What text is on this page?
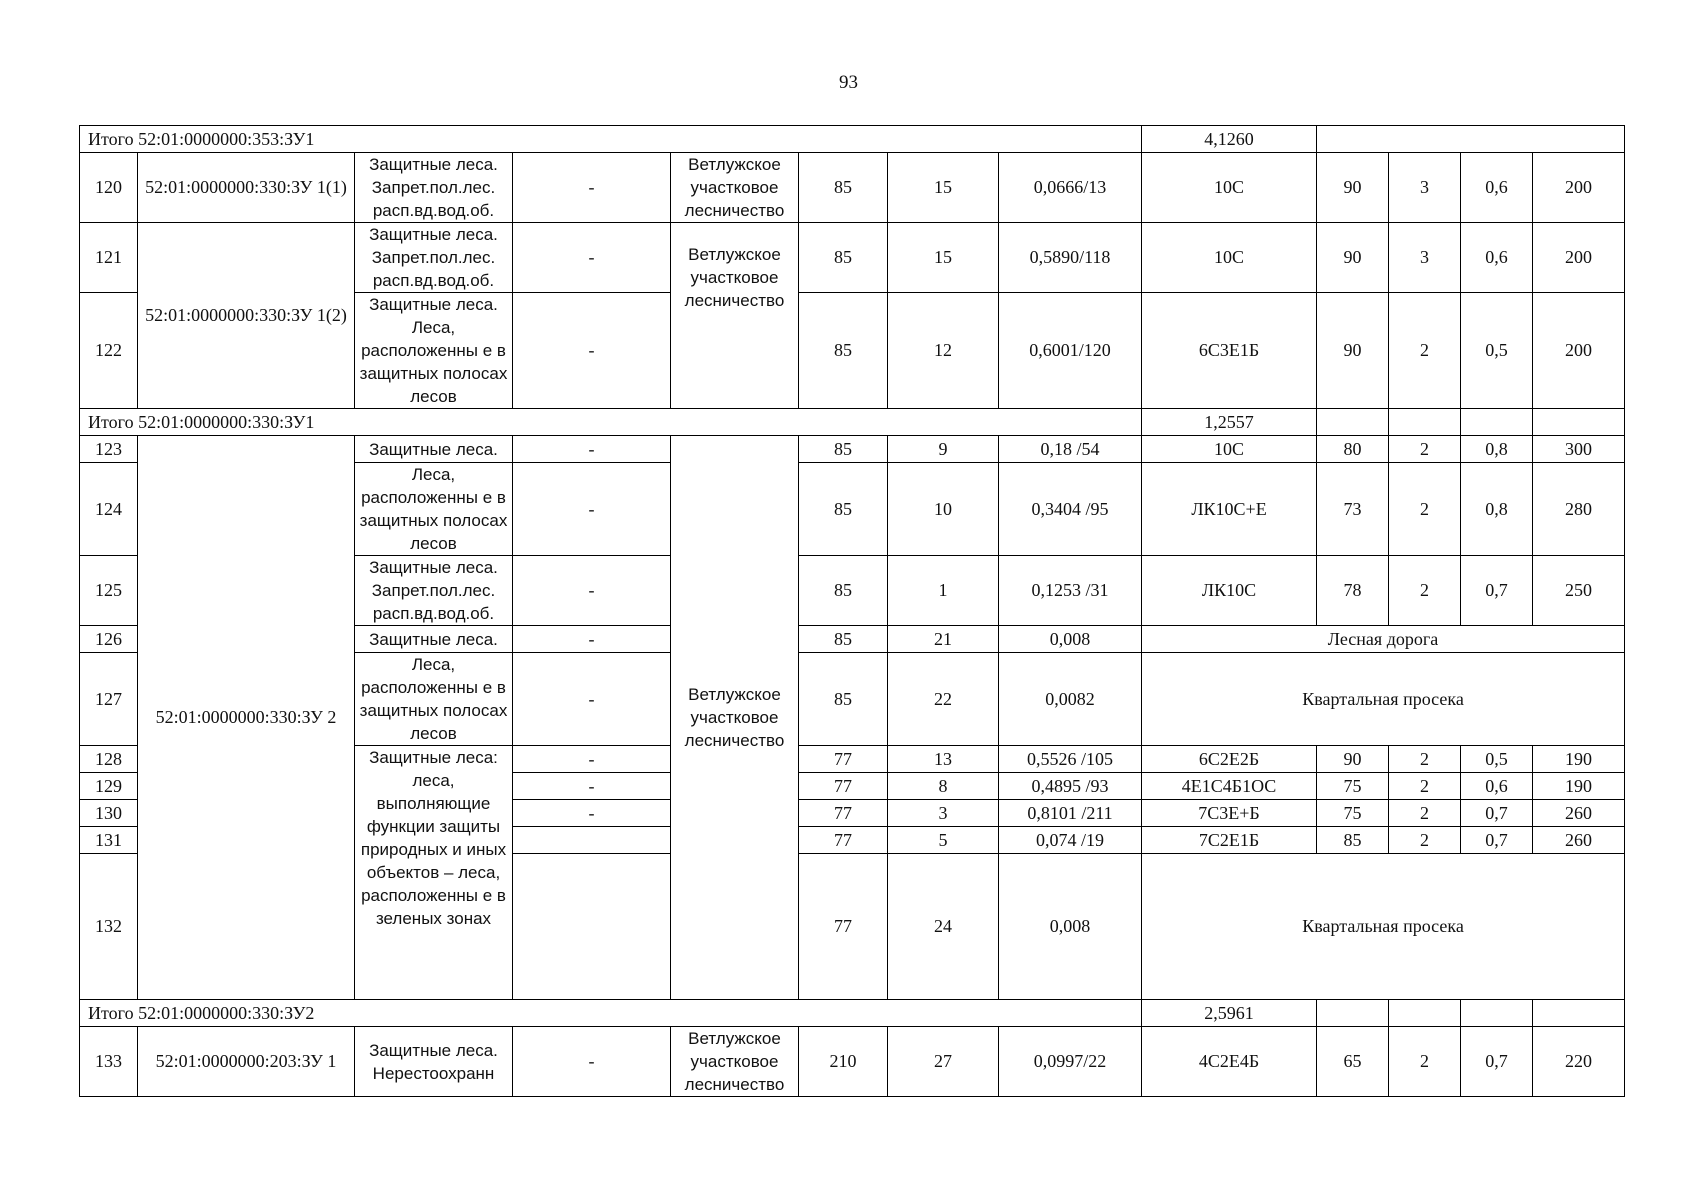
93
Итого 52:01:0000000:353:ЗУ1								4,1260				
120	52:01:0000000:330:ЗУ 1(1)	Защитные леса. Запрет.пол.лес. расп.вд.вод.об.	-	Ветлужское участковое лесничество	85	15	0,0666/13	10С	90	3	0,6	200
121	52:01:0000000:330:ЗУ 1(2)	Защитные леса. Запрет.пол.лес. расп.вд.вод.об.	-	Ветлужское участковое лесничество	85	15	0,5890/118	10С	90	3	0,6	200
122		Защитные леса. Леса, расположенны е в защитных полосах лесов	-		85	12	0,6001/120	6С3Е1Б	90	2	0,5	200
Итого 52:01:0000000:330:ЗУ1								1,2557				
123	52:01:0000000:330:ЗУ 2	Защитные леса.	-	Ветлужское участковое лесничество	85	9	0,18 /54	10С	80	2	0,8	300
124		Леса, расположенны е в защитных полосах лесов	-		85	10	0,3404 /95	ЛК10С+Е	73	2	0,8	280
125		Защитные леса. Запрет.пол.лес. расп.вд.вод.об.	-		85	1	0,1253 /31	ЛК10С	78	2	0,7	250
126		Защитные леса.	-		85	21	0,008	Лесная дорога				
127		Леса, расположенны е в защитных полосах лесов	-		85	22	0,0082	Квартальная просека				
128		Защитные леса: леса, выполняющие функции защиты природных и иных объектов – леса, расположенны е в зеленых зонах	-		77	13	0,5526 /105	6С2Е2Б	90	2	0,5	190
129			-		77	8	0,4895 /93	4Е1С4Б1ОС	75	2	0,6	190
130			-		77	3	0,8101 /211	7С3Е+Б	75	2	0,7	260
131					77	5	0,074 /19	7С2Е1Б	85	2	0,7	260
132					77	24	0,008	Квартальная просека				
Итого 52:01:0000000:330:ЗУ2								2,5961				
133	52:01:0000000:203:ЗУ 1	Защитные леса. Нерестоохранн	-	Ветлужское участковое лесничество	210	27	0,0997/22	4С2Е4Б	65	2	0,7	220
